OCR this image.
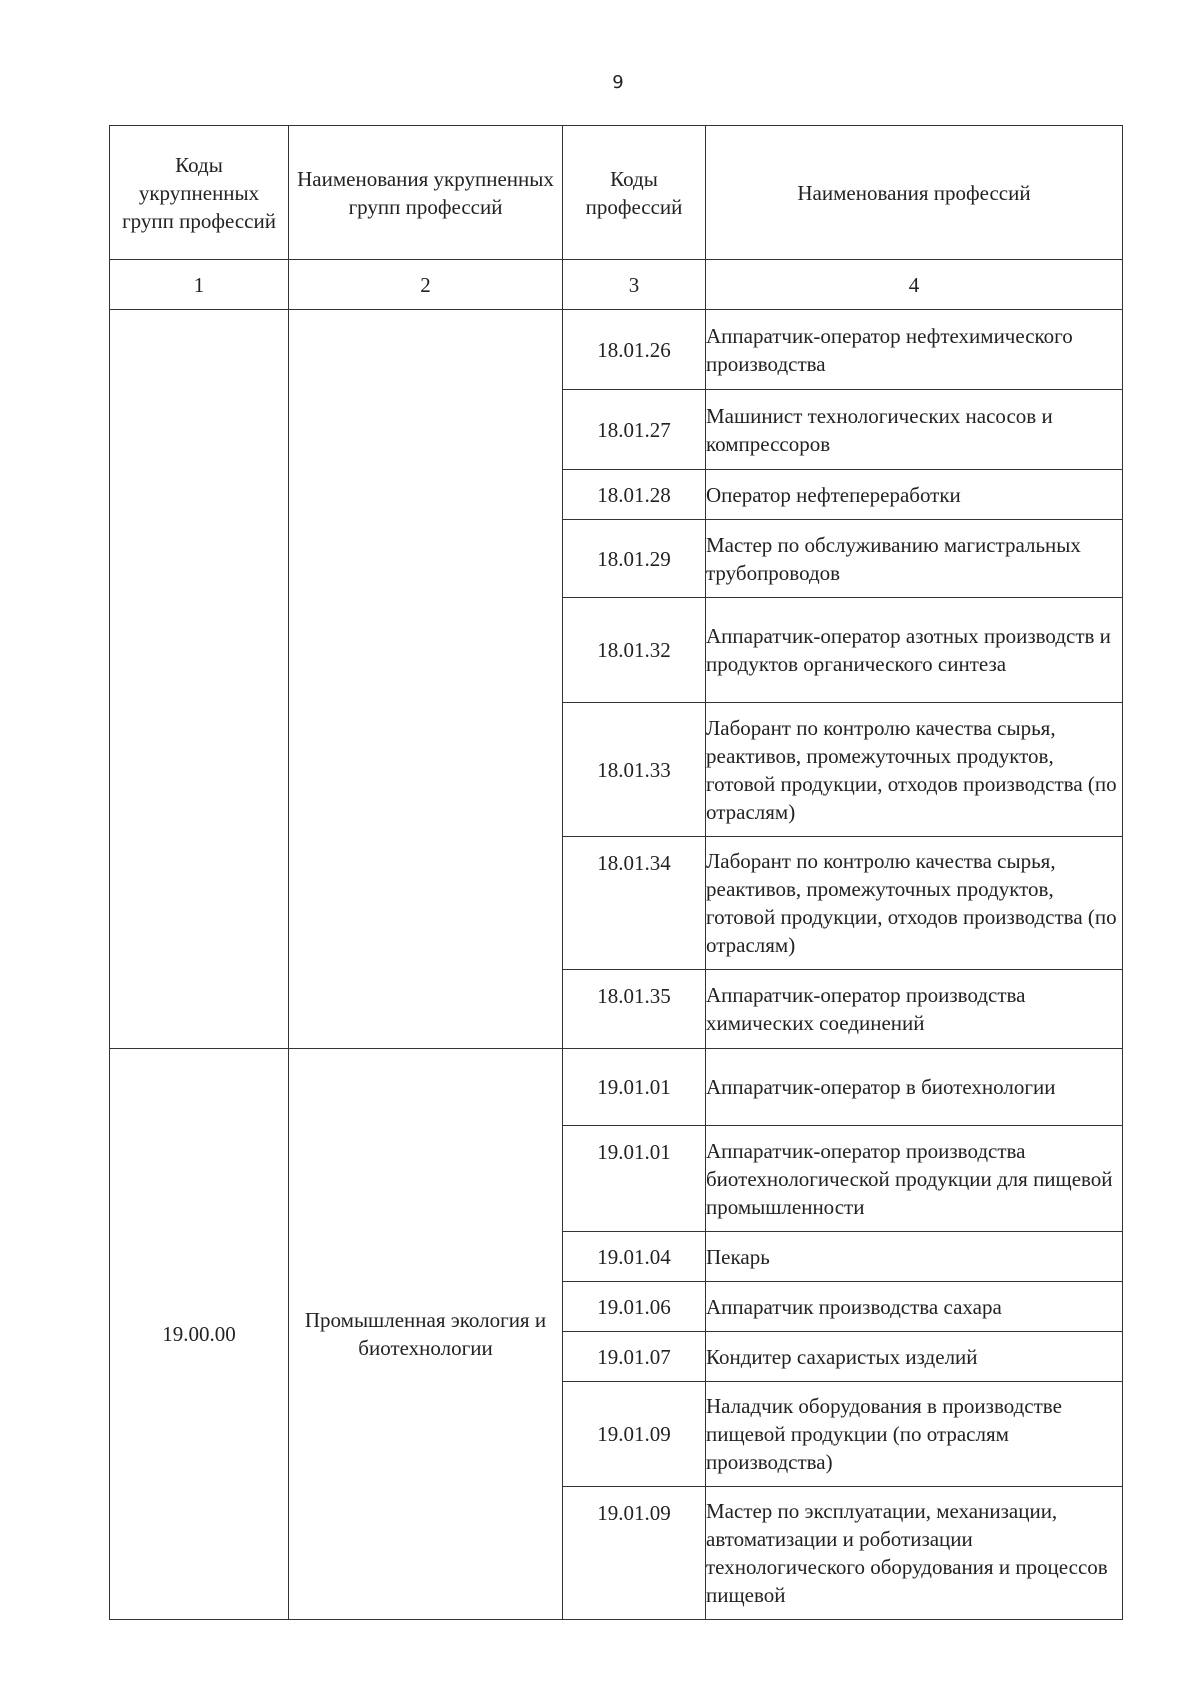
9
Коды укрупненных групп профессий	Наименования укрупненных групп профессий	Коды профессий	Наименования профессий
1	2	3	4
		18.01.26	Аппаратчик-оператор нефтехимического производства
		18.01.27	Машинист технологических насосов и компрессоров
		18.01.28	Оператор нефтепереработки
		18.01.29	Мастер по обслуживанию магистральных трубопроводов
		18.01.32	Аппаратчик-оператор азотных производств и продуктов органического синтеза
		18.01.33	Лаборант по контролю качества сырья, реактивов, промежуточных продуктов, готовой продукции, отходов производства (по отраслям)
		18.01.34	Лаборант по контролю качества сырья, реактивов, промежуточных продуктов, готовой продукции, отходов производства (по отраслям)
		18.01.35	Аппаратчик-оператор производства химических соединений
19.00.00	Промышленная экология и биотехнологии	19.01.01	Аппаратчик-оператор в биотехнологии
		19.01.01	Аппаратчик-оператор производства биотехнологической продукции для пищевой промышленности
		19.01.04	Пекарь
		19.01.06	Аппаратчик производства сахара
		19.01.07	Кондитер сахаристых изделий
		19.01.09	Наладчик оборудования в производстве пищевой продукции (по отраслям производства)
		19.01.09	Мастер по эксплуатации, механизации, автоматизации и роботизации технологического оборудования и процессов пищевой
